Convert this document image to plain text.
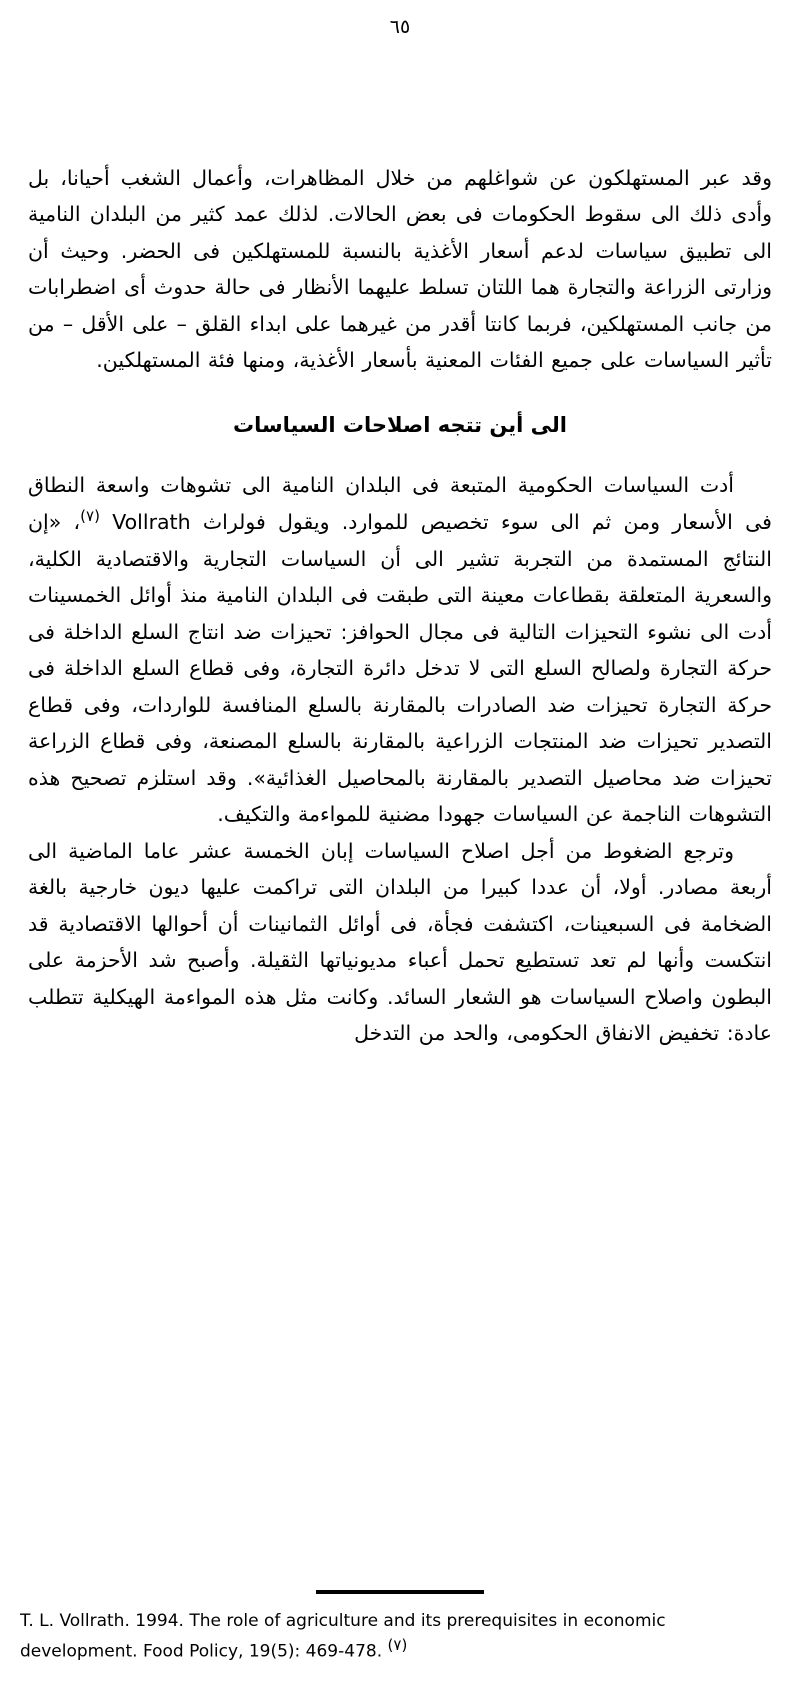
٦٥

وقد عبر المستهلكون عن شواغلهم من خلال المظاهرات، وأعمال الشغب أحيانا، بل وأدى ذلك الى سقوط الحكومات فى بعض الحالات. لذلك عمد كثير من البلدان النامية الى تطبيق سياسات لدعم أسعار الأغذية بالنسبة للمستهلكين فى الحضر. وحيث أن وزارتى الزراعة والتجارة هما اللتان تسلط عليهما الأنظار فى حالة حدوث أى اضطرابات من جانب المستهلكين، فربما كانتا أقدر من غيرهما على ابداء القلق – على الأقل – من تأثير السياسات على جميع الفئات المعنية بأسعار الأغذية، ومنها فئة المستهلكين.

الى أين تتجه اصلاحات السياسات

أدت السياسات الحكومية المتبعة فى البلدان النامية الى تشوهات واسعة النطاق فى الأسعار ومن ثم الى سوء تخصيص للموارد. ويقول فولراث Vollrath $^{(٧)}$، «إن النتائج المستمدة من التجربة تشير الى أن السياسات التجارية والاقتصادية الكلية، والسعرية المتعلقة بقطاعات معينة التى طبقت فى البلدان النامية منذ أوائل الخمسينات أدت الى نشوء التحيزات التالية فى مجال الحوافز: تحيزات ضد انتاج السلع الداخلة فى حركة التجارة ولصالح السلع التى لا تدخل دائرة التجارة، وفى قطاع السلع الداخلة فى حركة التجارة تحيزات ضد الصادرات بالمقارنة بالسلع المنافسة للواردات، وفى قطاع التصدير تحيزات ضد المنتجات الزراعية بالمقارنة بالسلع المصنعة، وفى قطاع الزراعة تحيزات ضد محاصيل التصدير بالمقارنة بالمحاصيل الغذائية». وقد استلزم تصحيح هذه التشوهات الناجمة عن السياسات جهودا مضنية للمواءمة والتكيف.

وترجع الضغوط من أجل اصلاح السياسات إبان الخمسة عشر عاما الماضية الى أربعة مصادر. أولا، أن عددا كبيرا من البلدان التى تراكمت عليها ديون خارجية بالغة الضخامة فى السبعينات، اكتشفت فجأة، فى أوائل الثمانينات أن أحوالها الاقتصادية قد انتكست وأنها لم تعد تستطيع تحمل أعباء مديونياتها الثقيلة. وأصبح شد الأحزمة على البطون واصلاح السياسات هو الشعار السائد. وكانت مثل هذه المواءمة الهيكلية تتطلب عادة: تخفيض الانفاق الحكومى، والحد من التدخل

T. L. Vollrath. 1994. The role of agriculture and its prerequisites in economic development. Food Policy, 19(5): 469-478. (٧)
